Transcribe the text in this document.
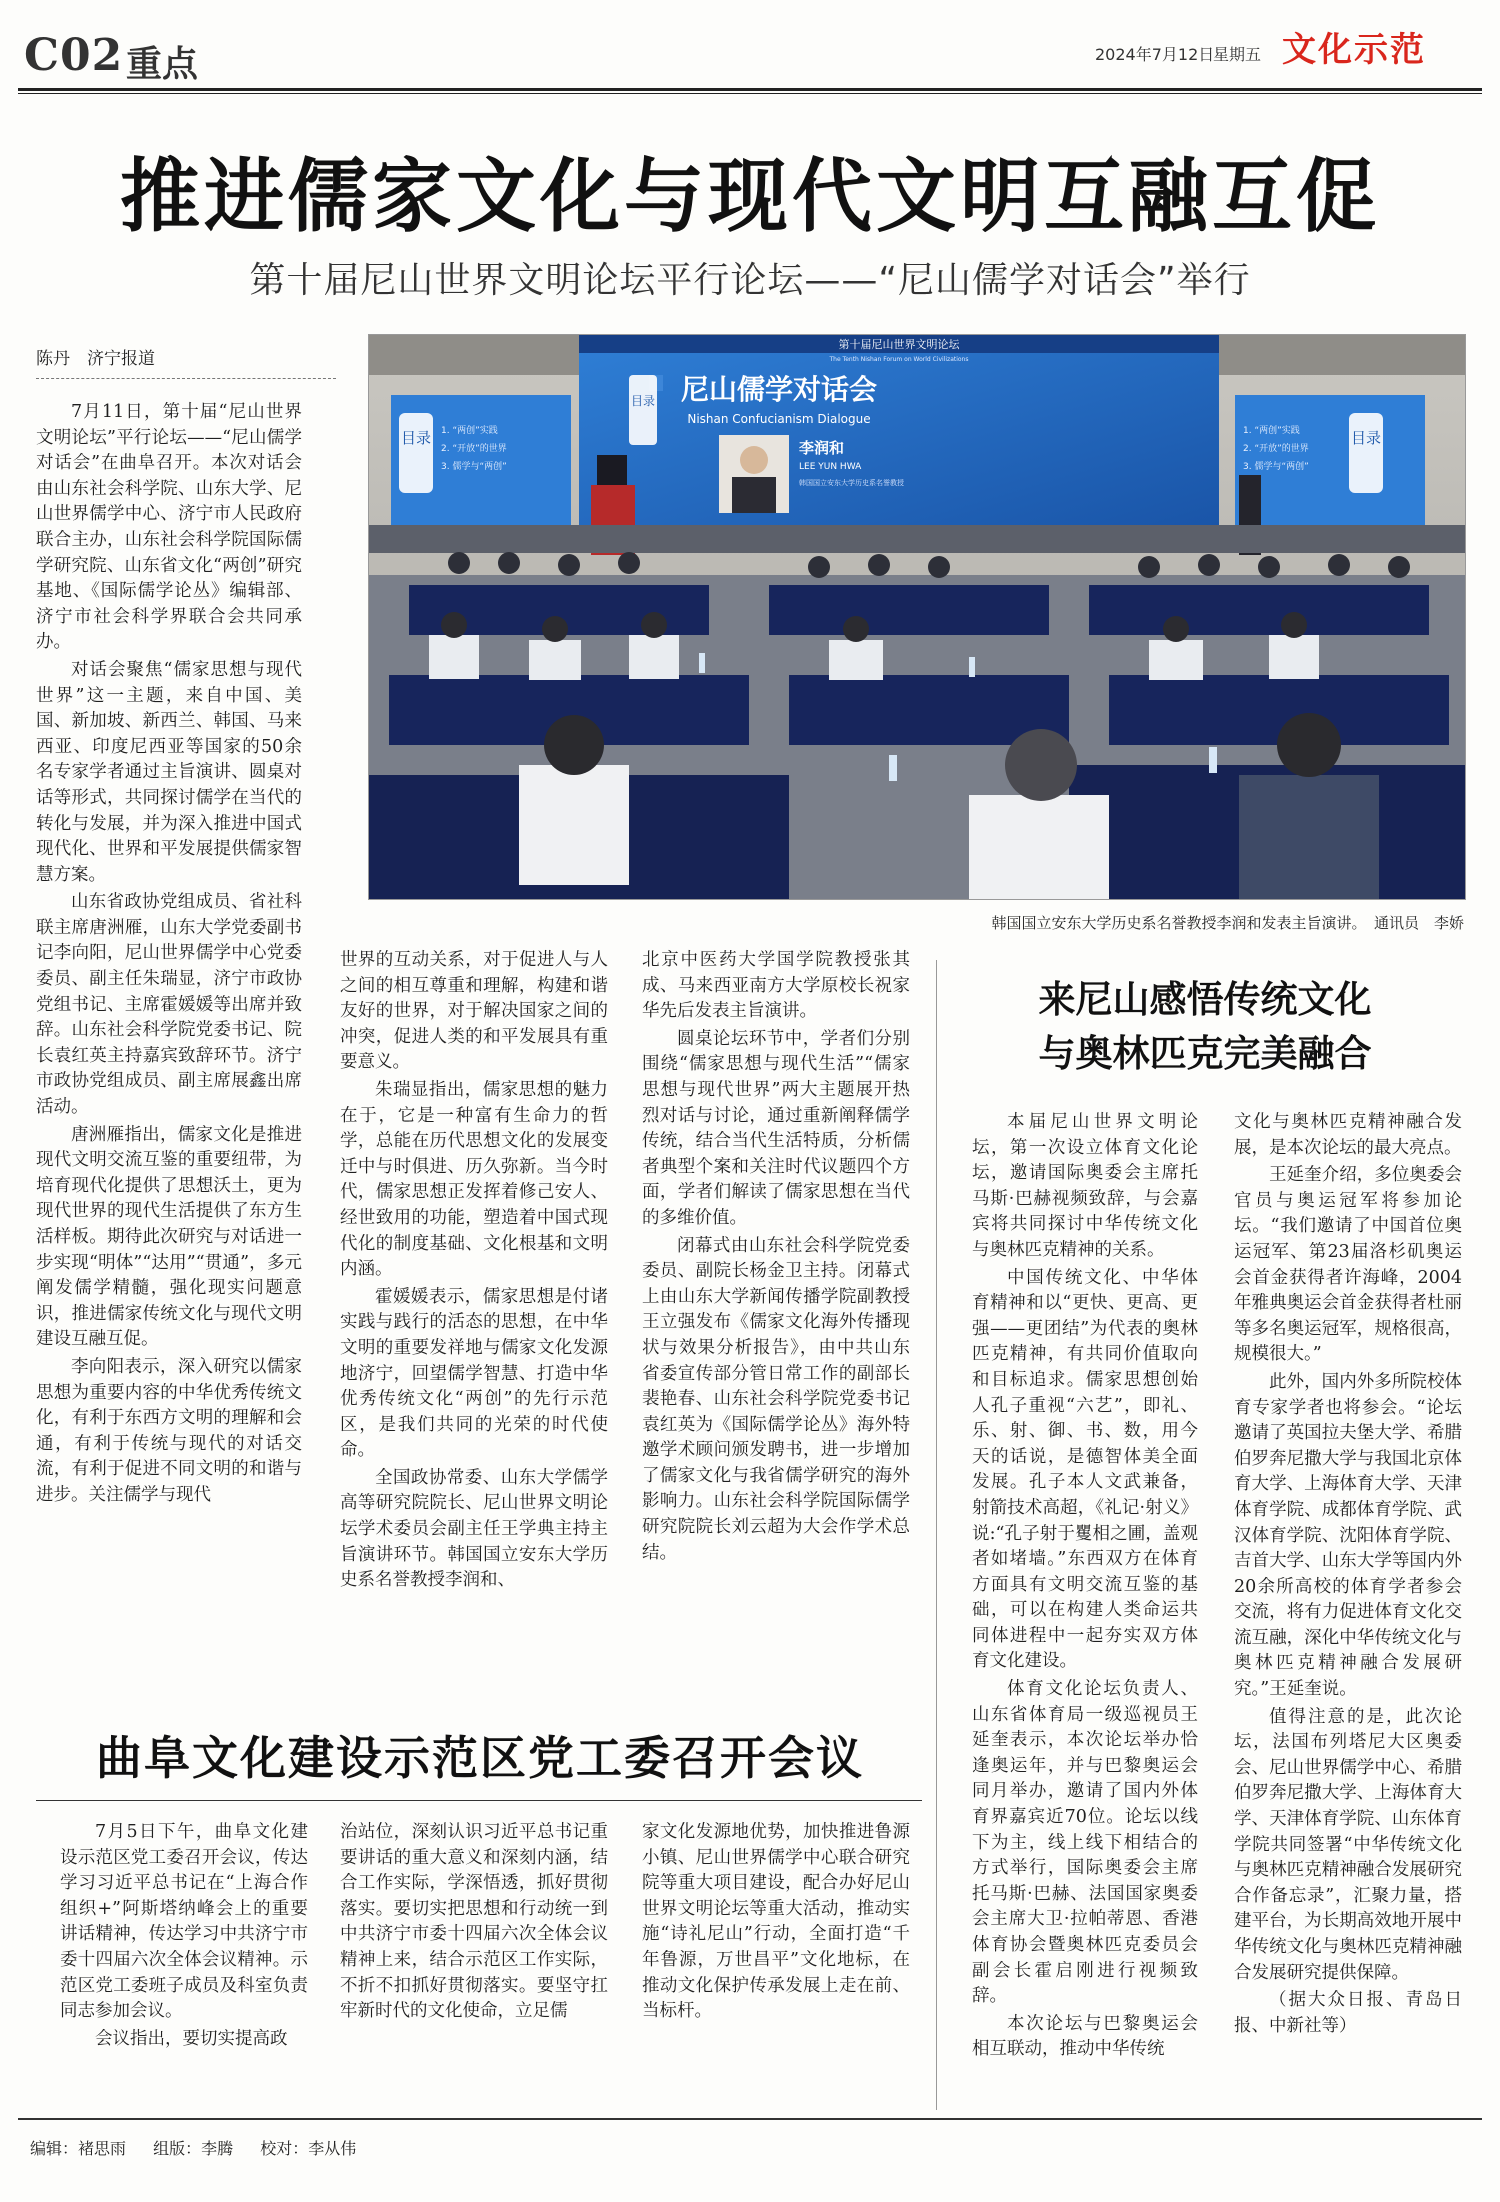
C02 重点	2024年7月12日
星期五 文化示范
推进儒家文化与现代文明互融互促
第十届尼山世界文明论坛平行论坛——“尼山儒学对话会”举行
陈丹　济宁报道
第十届尼山世界文明论坛
The Tenth Nishan Forum on World Civilizations
目录	目录
1. “两创”实践
2. “开放”的世界
3. 儒学与“两创”
1. “两创”实践
2. “开放”的世界
3. 儒学与“两创”
尼山儒学对话会
Nishan Confucianism Dialogue
目录
李润和
LEE YUN HWA
韩国国立安东大学历史系名誉教授
韩国国立安东大学历史系名誉教授李润和发表主旨演讲。　通讯员　李娇

7月11日，第十届“尼山世界文明论坛”平行论坛——“尼山儒学对话会”在曲阜召开。本次对话会由山东社会科学院、山东大学、尼山世界儒学中心、济宁市人民政府联合主办，山东社会科学院国际儒学研究院、山东省文化“两创”研究基地、《国际儒学论丛》编辑部、济宁市社会科学界联合会共同承办。

对话会聚焦“儒家思想与现代世界”这一主题，来自中国、美国、新加坡、新西兰、韩国、马来西亚、印度尼西亚等国家的50余名专家学者通过主旨演讲、圆桌对话等形式，共同探讨儒学在当代的转化与发展，并为深入推进中国式现代化、世界和平发展提供儒家智慧方案。

山东省政协党组成员、省社科联主席唐洲雁，山东大学党委副书记李向阳，尼山世界儒学中心党委委员、副主任朱瑞显，济宁市政协党组书记、主席霍媛媛等出席并致辞。山东社会科学院党委书记、院长袁红英主持嘉宾致辞环节。济宁市政协党组成员、副主席展鑫出席活动。

唐洲雁指出，儒家文化是推进现代文明交流互鉴的重要纽带，为培育现代化提供了思想沃土，更为现代世界的现代生活提供了东方生活样板。期待此次研究与对话进一步实现“明体”“达用”“贯通”，多元阐发儒学精髓，强化现实问题意识，推进儒家传统文化与现代文明建设互融互促。

李向阳表示，深入研究以儒家思想为重要内容的中华优秀传统文化，有利于东西方文明的理解和会通，有利于传统与现代的对话交流，有利于促进不同文明的和谐与进步。关注儒学与现代

世界的互动关系，对于促进人与人之间的相互尊重和理解，构建和谐友好的世界，对于解决国家之间的冲突，促进人类的和平发展具有重要意义。

朱瑞显指出，儒家思想的魅力在于，它是一种富有生命力的哲学，总能在历代思想文化的发展变迁中与时俱进、历久弥新。当今时代，儒家思想正发挥着修己安人、经世致用的功能，塑造着中国式现代化的制度基础、文化根基和文明内涵。

霍媛媛表示，儒家思想是付诸实践与践行的活态的思想，在中华文明的重要发祥地与儒家文化发源地济宁，回望儒学智慧、打造中华优秀传统文化“两创”的先行示范区，是我们共同的光荣的时代使命。

全国政协常委、山东大学儒学高等研究院院长、尼山世界文明论坛学术委员会副主任王学典主持主旨演讲环节。韩国国立安东大学历史系名誉教授李润和、

北京中医药大学国学院教授张其成、马来西亚南方大学原校长祝家华先后发表主旨演讲。

圆桌论坛环节中，学者们分别围绕“儒家思想与现代生活”“儒家思想与现代世界”两大主题展开热烈对话与讨论，通过重新阐释儒学传统，结合当代生活特质，分析儒者典型个案和关注时代议题四个方面，学者们解读了儒家思想在当代的多维价值。

闭幕式由山东社会科学院党委委员、副院长杨金卫主持。闭幕式上由山东大学新闻传播学院副教授王立强发布《儒家文化海外传播现状与效果分析报告》，由中共山东省委宣传部分管日常工作的副部长裴艳春、山东社会科学院党委书记袁红英为《国际儒学论丛》海外特邀学术顾问颁发聘书，进一步增加了儒家文化与我省儒学研究的海外影响力。山东社会科学院国际儒学研究院院长刘云超为大会作学术总结。

来尼山感悟传统文化
与奥林匹克完美融合

本届尼山世界文明论坛，第一次设立体育文化论坛，邀请国际奥委会主席托马斯·巴赫视频致辞，与会嘉宾将共同探讨中华传统文化与奥林匹克精神的关系。

中国传统文化、中华体育精神和以“更快、更高、更强——更团结”为代表的奥林匹克精神，有共同价值取向和目标追求。儒家思想创始人孔子重视“六艺”，即礼、乐、射、御、书、数，用今天的话说，是德智体美全面发展。孔子本人文武兼备，射箭技术高超，《礼记·射义》说:“孔子射于矍相之圃，盖观者如堵墙。”东西双方在体育方面具有文明交流互鉴的基础，可以在构建人类命运共同体进程中一起夯实双方体育文化建设。

体育文化论坛负责人、山东省体育局一级巡视员王延奎表示，本次论坛举办恰逢奥运年，并与巴黎奥运会同月举办，邀请了国内外体育界嘉宾近70位。论坛以线下为主，线上线下相结合的方式举行，国际奥委会主席托马斯·巴赫、法国国家奥委会主席大卫·拉帕蒂恩、香港体育协会暨奥林匹克委员会副会长霍启刚进行视频致辞。

本次论坛与巴黎奥运会相互联动，推动中华传统

文化与奥林匹克精神融合发展，是本次论坛的最大亮点。

王延奎介绍，多位奥委会官员与奥运冠军将参加论坛。“我们邀请了中国首位奥运冠军、第23届洛杉矶奥运会首金获得者许海峰，2004年雅典奥运会首金获得者杜丽等多名奥运冠军，规格很高，规模很大。”

此外，国内外多所院校体育专家学者也将参会。“论坛邀请了英国拉夫堡大学、希腊伯罗奔尼撒大学与我国北京体育大学、上海体育大学、天津体育学院、成都体育学院、武汉体育学院、沈阳体育学院、吉首大学、山东大学等国内外20余所高校的体育学者参会交流，将有力促进体育文化交流互融，深化中华传统文化与奥林匹克精神融合发展研究。”王延奎说。

值得注意的是，此次论坛，法国布列塔尼大区奥委会、尼山世界儒学中心、希腊伯罗奔尼撒大学、上海体育大学、天津体育学院、山东体育学院共同签署“中华传统文化与奥林匹克精神融合发展研究合作备忘录”，汇聚力量，搭建平台，为长期高效地开展中华传统文化与奥林匹克精神融合发展研究提供保障。

（据大众日报、青岛日报、中新社等）

曲阜文化建设示范区党工委召开会议

7月5日下午，曲阜文化建设示范区党工委召开会议，传达学习习近平总书记在“上海合作组织+”阿斯塔纳峰会上的重要讲话精神，传达学习中共济宁市委十四届六次全体会议精神。示范区党工委班子成员及科室负责同志参加会议。

会议指出，要切实提高政

治站位，深刻认识习近平总书记重要讲话的重大意义和深刻内涵，结合工作实际，学深悟透，抓好贯彻落实。要切实把思想和行动统一到中共济宁市委十四届六次全体会议精神上来，结合示范区工作实际，不折不扣抓好贯彻落实。要坚守扛牢新时代的文化使命，立足儒

家文化发源地优势，加快推进鲁源小镇、尼山世界儒学中心联合研究院等重大项目建设，配合办好尼山世界文明论坛等重大活动，推动实施“诗礼尼山”行动，全面打造“千年鲁源，万世昌平”文化地标，在推动文化保护传承发展上走在前、当标杆。

编辑：褚思雨 组版：李腾 校对：李从伟
